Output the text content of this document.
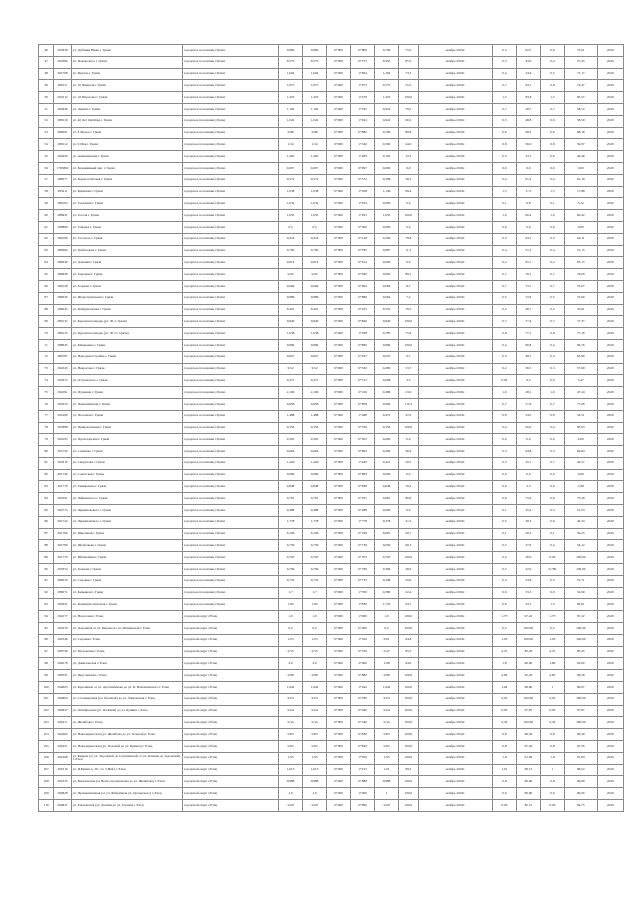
46	291858	ул. Дубёнки Ниже г. Грязи	городское поселение г.Грязи	0,800	0,800	0+000	0+800	0,790	75,0	ноябрь 2019г.	0,3	62,5	0,6	75,01	2020
47	291880	ул. Пожарского г. Грязи	городское поселение г.Грязи	0,575	0,575	0+000	0+575	0,455	85,5	ноябрь 2019г.	0,3	43,0	0,4	57,45	2020
48	291768	ул. Фрунзе г. Грязи	городское поселение г.Грязи	1,604	1,604	0+000	1+604	1,294	73,5	ноябрь 2019г.	0,4	24,6	0,5	71,17	2020
49	289111	ул. 10 Февраля г. Грязи	городское поселение г.Грязи	1,675	1,675	0+000	1+675	0,575	55,5	ноябрь 2019г.	0,7	63,1	0,8	74,47	2020
50	291912	ул. 10 Пирогова г. Грязи	городское поселение г.Грязи	1,470	1,470	0+000	1+470	1,470	100,0	ноябрь 2019г.	1,2	83,6	1,2	83,57	2020
51	292946	ул. Ленина г. Грязи	городское поселение г.Грязи	1,192	1,192	0+000	1+192	0,932	78,2	ноябрь 2019г.	0,7	58,7	0,7	58,72	2020
52	289116	ул. 40 Лет Октября г. Грязи	городское поселение г.Грязи	1,024	1,024	0+000	1+024	0,924	90,2	ноябрь 2019г.	0,5	48,8	0,6	58,59	2020
53	289091	ул. 8 Марта г. Грязи	городское поселение г.Грязи	0,88	0,88	0+000	0+880	0,780	88,6	ноябрь 2019г.	0,6	68,2	0,6	68,18	2020
54	289112	ул. 9 Мая г. Грязи	городское поселение г.Грязи	1,34	1,34	0+000	1+340	0,590	44,0	ноябрь 2019г.	0,8	56,0	0,8	59,97	2020
55	294429	ул. Авиационная г. Грязи	городское поселение г.Грязи	1,483	1,483	0+000	1+483	0,181	12,2	ноябрь 2019г.	0,5	33,7	0,6	40,46	2020
56	1765862	ул. Безымянный пер. г. Грязи	городское поселение г.Грязи	0,097	0,097	0+000	0+097	0,000	0,0	ноябрь 2019г.	0,0	0,0	0,0	0,00	2020
57	289077	ул. Борисоглебская г. Грязи	городское поселение г.Грязи	0,572	0,572	0+000	0+572	0,208	36,3	ноябрь 2019г.	0,4	61,2	0,4	61,19	2020
58	295411	ул. Брянская г. Грязи	городское поселение г.Грязи	1,038	1,038	0+000	1+038	1,146	99,4	ноябрь 2019г.	1,5	17,3	1,5	17,88	2020
59	289103	ул. Гаражная г. Грязи	городское поселение г.Грязи	1,034	1,034	0+000	1+034	0,000	0,0	ноябрь 2019г.	0,1	6,8	0,1	3,12	2020
60	288931	ул. Гоголя г. Грязи	городское поселение г.Грязи	1,655	1,655	0+000	1+655	1,655	100,0	ноябрь 2019г.	1,0	60,4	1,0	60,42	2020
61	290866	ул. Гайдара г. Грязи	городское поселение г.Грязи	0,5	0,5	0+000	0+500	0,000	0,0	ноябрь 2019г.	0,0	0,0	0,0	0,00	2020
62	289109	ул. Гастелло г. Грязи	городское поселение г.Грязи	0,418	0,418	0+000	0+418	0,290	78,8	ноябрь 2019г.	0,3	64,1	0,3	64,11	2020
63	289082	ул. Грибоедова г. Грязи	городское поселение г.Грязи	0,782	0,782	0+000	0+782	0,087	11,1	ноябрь 2019г.	0,4	51,2	0,4	51,15	2020
64	289049	ул. Дальняя г. Грязи	городское поселение г.Грязи	0,614	0,614	0+000	0+614	0,000	0,0	ноябрь 2019г.	0,4	65,1	0,4	65,15	2020
65	289928	ул. Заречная г. Грязи	городское поселение г.Грязи	0,92	0,92	0+000	0+920	0,820	89,1	ноябрь 2019г.	0,7	76,1	0,7	76,09	2020
66	289128	ул. Зеленая г. Грязи	городское поселение г.Грязи	0,964	0,964	0+000	0+964	0,084	8,7	ноябрь 2019г.	0,7	73,1	0,7	73,07	2020
67	289026	ул. Индустриальная г. Грязи	городское поселение г.Грязи	0,886	0,886	0+000	0+886	0,064	7,2	ноябрь 2019г.	0,5	72,6	0,5	72,60	2020
68	289045	ул. Коммунальная г. Грязи	городское поселение г.Грязи	0,425	0,425	0+000	0+425	0,325	76,5	ноябрь 2019г.	0,2	46,7	0,2	70,61	2020
69	289132	ул. Красная площадь (ул. 30 л. Грязи)	городское поселение г.Грязи	0,840	0,840	0+000	0+840	0,840	100,0	ноябрь 2019г.	0,7	77,4	0,7	77,37	2020
70	289133	ул. Красная площадь (ул. 30 2 г. Грязи)	городское поселение г.Грязи	1,038	1,038	0+000	1+038	0,785	75,6	ноябрь 2019г.	0,8	77,1	0,8	77,10	2020
71	288943	ул. Макаренко г. Грязи	городское поселение г.Грязи	0,890	0,890	0+000	0+890	0,890	100,0	ноябрь 2019г.	0,4	66,8	0,4	66,76	2020
72	289787	ул. Народная Стройка г. Грязи	городское поселение г.Грязи	0,627	0,627	0+000	0+627	0,047	9,7	ноябрь 2019г.	0,3	48,7	0,4	63,80	2020
73	294345	ул. Некрасова г. Грязи	городское поселение г.Грязи	0,52	0,52	0+000	0+520	0,280	53,7	ноябрь 2019г.	0,2	36,5	0,3	57,69	2020
74	291873	ул. Островского г. Грязи	городское поселение г.Грязи	0,313	0,313	0+000	0+313	0,008	2,5	ноябрь 2019г.	0,02	6,2	0,0	5,47	2020
75	292291	ул. Пушкина г. Грязи	городское поселение г.Грязи	2,106	2,106	0+000	2+106	0,486	23,0	ноябрь 2019г.	1,0	28,1	1,0	47,44	2020
76	292479	ул. Первомайская г. Грязи	городское поселение г.Грязи	0,858	0,858	0+000	0+858	0,964	112,3	ноябрь 2019г.	0,7	77,6	0,7	77,00	2020
77	291408	ул. Песочная г. Грязи	городское поселение г.Грязи	1,488	1,488	0+000	1+488	0,472	32,2	ноябрь 2019г.	0,8	54,5	0,8	54,51	2020
78	291888	ул. Привокзальная г. Грязи	городское поселение г.Грязи	0,556	0,556	0+000	0+556	0,556	100,0	ноябрь 2019г.	0,4	65,0	0,4	65,03	2020
79	291095	ул. Пролетарская г. Грязи	городское поселение г.Грязи	0,305	0,305	0+000	0+305	0,000	0,0	ноябрь 2019г.	0,0	0,0	0,0	0,00	2020
80	291750	ул. Семашко г. Грязи	городское поселение г.Грязи	0,604	0,604	0+000	0+604	0,282	46,6	ноябрь 2019г.	0,3	64,8	0,3	64,84	2020
81	291810	ул. Свердлова г. Грязи	городское поселение г.Грязи	1,429	1,429	0+000	1+429	0,421	29,5	ноябрь 2019г.	0,5	35,1	0,7	42,57	2020
82	291746	ул. Советская г. Грязи	городское поселение г.Грязи	0,984	0,984	0+000	0+984	0,000	0,0	ноябрь 2019г.	0,0	0,0	0,0	0,00	2020
83	291770	ул. Тимирязева г. Грязи	городское поселение г.Грязи	0,848	0,848	0+000	0+848	0,648	76,4	ноябрь 2019г.	0,6	3,5	0,6	3,48	2020
84	292291	ул. Чайковского г. Грязи	городское поселение г.Грязи	0,761	0,761	0+000	0+761	0,661	86,9	ноябрь 2019г.	0,6	75,6	0,6	75,59	2020
85	292774	ул. Черняховского г. Грязи	городское поселение г.Грязи	0,488	0,488	0+000	0+488	0,000	0,0	ноябрь 2019г.	0,1	35,4	0,3	51,23	2020
86	291742	ул. Черняховского г. Грязи	городское поселение г.Грязи	1,778	1,778	0+000	1+778	0,378	41,5	ноябрь 2019г.	0,5	30,3	0,6	45,34	2020
87	291760	ул. Школьная г. Грязи	городское поселение г.Грязи	0,199	0,199	0+000	0+199	0,081	40,7	ноябрь 2019г.	0,1	50,3	0,1	50,25	2020
88	291780	ул. Щорбакова г. Грязи	городское поселение г.Грязи	0,739	0,739	0+000	0+739	0,659	90,3	ноябрь 2019г.	0,2	27,0	0,4	54,12	2020
89	291779	ул. Юбилейная г. Грязи	городское поселение г.Грязи	0,703	0,703	0+000	0+703	0,703	100,0	ноябрь 2019г.	0,2	30,0	0,50	100,00	2020
90	291854	ул. Зеленая г. Грязи	городское поселение г.Грязи	0,769	0,769	0+000	0+769	0,369	48,0	ноябрь 2019г.	0,2	22,0	0,769	100,00	2020
91	289070	ул. Садовая г. Грязи	городское поселение г.Грязи	0,733	0,733	0+000	0+733	0,448	59,0	ноябрь 2019г.	0,4	54,6	0,5	72,71	2020
92	289071	ул. Кирьяная г. Грязи	городское поселение г.Грязи	1,7	1,7	0+000	1+700	0,380	22,4	ноябрь 2019г.	0,6	33,3	0,9	52,90	2020
93	290441	ул. Коммунистическая г. Грязи	городское поселение г.Грязи	1,83	1,83	0+000	1+830	1,733	94,7	ноябрь 2019г.	0,8	43,7	1,5	85,01	2020
94	292277	ул. Налоговая г. Елец	городской округ г.Елец	1,0	1,0	0+000	1+000	1,0	100,0	ноябрь 2019г.	1,75	97,22	1,75	97,22	2020
95	292276	ул. Дорожная от ул. Кирова до ул. Мещанской г. Елец	городской округ г.Елец	0,2	0,2	0+000	0+200	0,2	100,0	ноябрь 2019г.	0,2	100,00	0,2	100,00	2020
96	292346	ул. Садовая г. Елец	городской округ г.Елец	1,03	1,03	0+000	1+030	0,91	94,8	ноябрь 2019г.	1,03	100,00	1,03	100,00	2020
97	290749	ул. Бугровская г. Елец	городской округ г.Елец	0,55	0,55	0+000	0+550	0,47	85,5	ноябрь 2019г.	0,47	85,45	0,47	85,45	2020
98	292079	ул. Даниловская г. Елец	городской округ г.Елец	2,0	2,0	0+000	2+000	1,88	94,0	ноябрь 2019г.	1,8	90,00	1,80	92,00	2020
99	290547	ул. Ярославская г. Елец	городской округ г.Елец	0,88	0,88	0+000	0+880	0,88	100,0	ноябрь 2019г.	0,84	95,45	0,85	96,59	2020
100	294803	ул. Красников от ул. Арсланбекова до ул. К. Валентинского г. Елец	городской округ г.Елец	1,942	1,942	0+000	1+942	1,942	100,0	ноябрь 2019г.	1,94	99,90	1	99,97	2020
101	294804	ул. Сталеваровая (ул. Полевой) до ул. Лавровская г. Елец	городской округ г.Елец	0,03	0,03	0+000	0+030	0,03	100,0	ноябрь 2019г.	0,03	100,00	0,03	100,00	2020
102	294837	ул. Октябрьская (ул. Полевой) до ул. Бунина г. Елец	городской округ г.Елец	0,94	0,94	0+000	0+940	0,94	100,0	ноябрь 2019г.	0,92	97,87	0,92	97,87	2020
103	292471	ул. Желябова г. Елец	городской округ г.Елец	0,34	0,34	0+000	0+340	0,34	100,0	ноябрь 2019г.	0,34	100,00	0,34	100,00	2020
104	292462	ул. Новочеркасская (ул. Желябова до ул. Зеленой) г. Елец	городской округ г.Елец	0,83	0,83	0+000	0+830	0,83	100,0	ноябрь 2019г.	0,8	96,39	0,8	96,39	2020
105	292451	ул. Новочеркасская (ул. Полевой до ул. Бунина) г. Елец	городской округ г.Елец	0,82	0,82	0+000	0+820	0,82	100,0	ноябрь 2019г.	0,8	97,56	0,8	97,56	2020
106	292368	ул. Кирова (от ул. Задонской до Сергиевской, от ул. Клюева до Задонской) г. Елец	городской округ г.Елец	1,95	1,95	0+000	1+950	1,95	100,0	ноябрь 2019г.	1,8	91,84	1,8	91,84	2020
107	292319	ул. И.Бунин д. 30 / ул. 3 Нейт г. Елец	городской округ г.Елец	1,015	1,015	0+000	1+015	1,01	99,5	ноябрь 2019г.	1,01	99,51	1	98,52	2020
108	292335	ул. Березовская (от Веси-строительная до ул. Желябова) г. Елец	городской округ г.Елец	0,888	0,888	0+000	0+888	0,888	100,0	ноябрь 2019г.	0,8	90,09	0,8	90,09	2020
109	294828	ул. Промышленная (от ул. Фабричная ул. Орловского) г. Елец	городской округ г.Елец	1,0	1,0	0+000	1+000	1	100,0	ноябрь 2019г.	0,9	90,00	0,9	90,00	2020
110	294831	ул. Ельцовская (ул. Донная до ул. Горная) г. Елец	городской округ г.Елец	0,69	0,69	0+000	0+690	0,69	100,0	ноябрь 2019г.	0,59	85,51	0,59	84,75	2020
